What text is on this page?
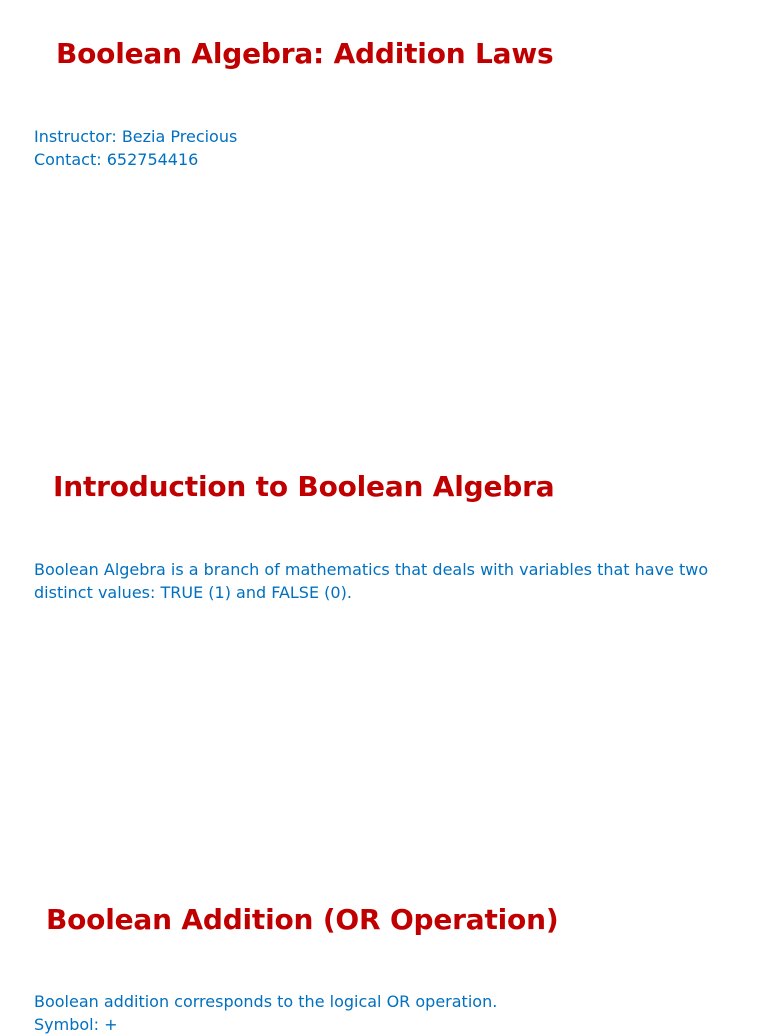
Boolean Algebra: Addition Laws

Instructor: Bezia Precious

Contact: 652754416

Introduction to Boolean Algebra

Boolean Algebra is a branch of mathematics that deals with variables that have two distinct values: TRUE (1) and FALSE (0).

Boolean Addition (OR Operation)

Boolean addition corresponds to the logical OR operation.

Symbol: +
